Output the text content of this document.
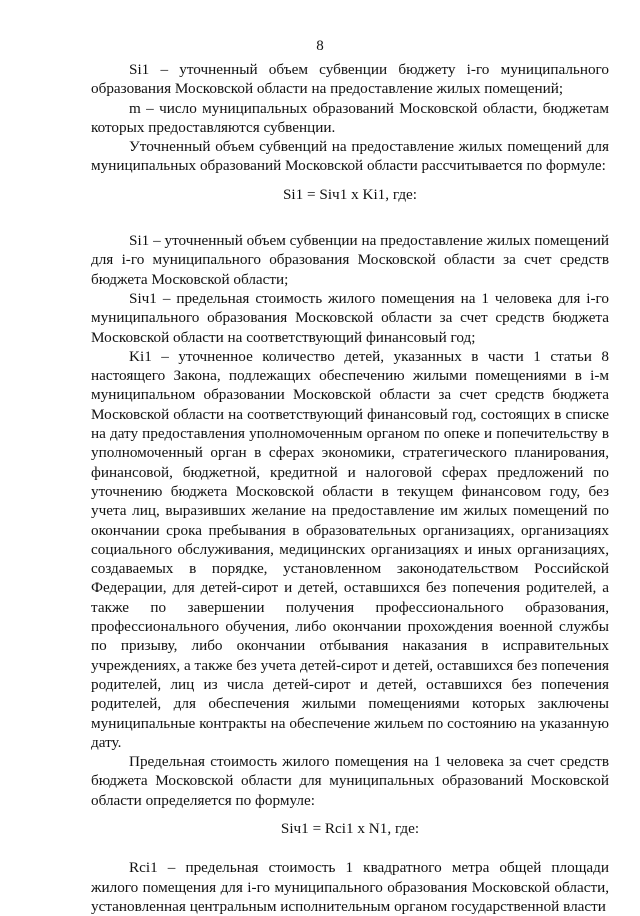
8

Si1 – уточненный объем субвенции бюджету i-го муниципального образования Московской области на предоставление жилых помещений;

m – число муниципальных образований Московской области, бюджетам которых предоставляются субвенции.

Уточненный объем субвенций на предоставление жилых помещений для муниципальных образований Московской области рассчитывается по формуле:

Si1 = Siч1 x Ki1, где:

Si1 – уточненный объем субвенции на предоставление жилых помещений для i-го муниципального образования Московской области за счет средств бюджета Московской области;

Siч1 – предельная стоимость жилого помещения на 1 человека для i-го муниципального образования Московской области за счет средств бюджета Московской области на соответствующий финансовый год;

Ki1 – уточненное количество детей, указанных в части 1 статьи 8 настоящего Закона, подлежащих обеспечению жилыми помещениями в i-м муниципальном образовании Московской области за счет средств бюджета Московской области на соответствующий финансовый год, состоящих в списке на дату предоставления уполномоченным органом по опеке и попечительству в уполномоченный орган в сферах экономики, стратегического планирования, финансовой, бюджетной, кредитной и налоговой сферах предложений по уточнению бюджета Московской области в текущем финансовом году, без учета лиц, выразивших желание на предоставление им жилых помещений по окончании срока пребывания в образовательных организациях, организациях социального обслуживания, медицинских организациях и иных организациях, создаваемых в порядке, установленном законодательством Российской Федерации, для детей-сирот и детей, оставшихся без попечения родителей, а также по завершении получения профессионального образования, профессионального обучения, либо окончании прохождения военной службы по призыву, либо окончании отбывания наказания в исправительных учреждениях, а также без учета детей-сирот и детей, оставшихся без попечения родителей, лиц из числа детей-сирот и детей, оставшихся без попечения родителей, для обеспечения жилыми помещениями которых заключены муниципальные контракты на обеспечение жильем по состоянию на указанную дату.

Предельная стоимость жилого помещения на 1 человека за счет средств бюджета Московской области для муниципальных образований Московской области определяется по формуле:

Siч1 = Rci1 x N1, где:

Rci1 – предельная стоимость 1 квадратного метра общей площади жилого помещения для i-го муниципального образования Московской области, установленная центральным исполнительным органом государственной власти
